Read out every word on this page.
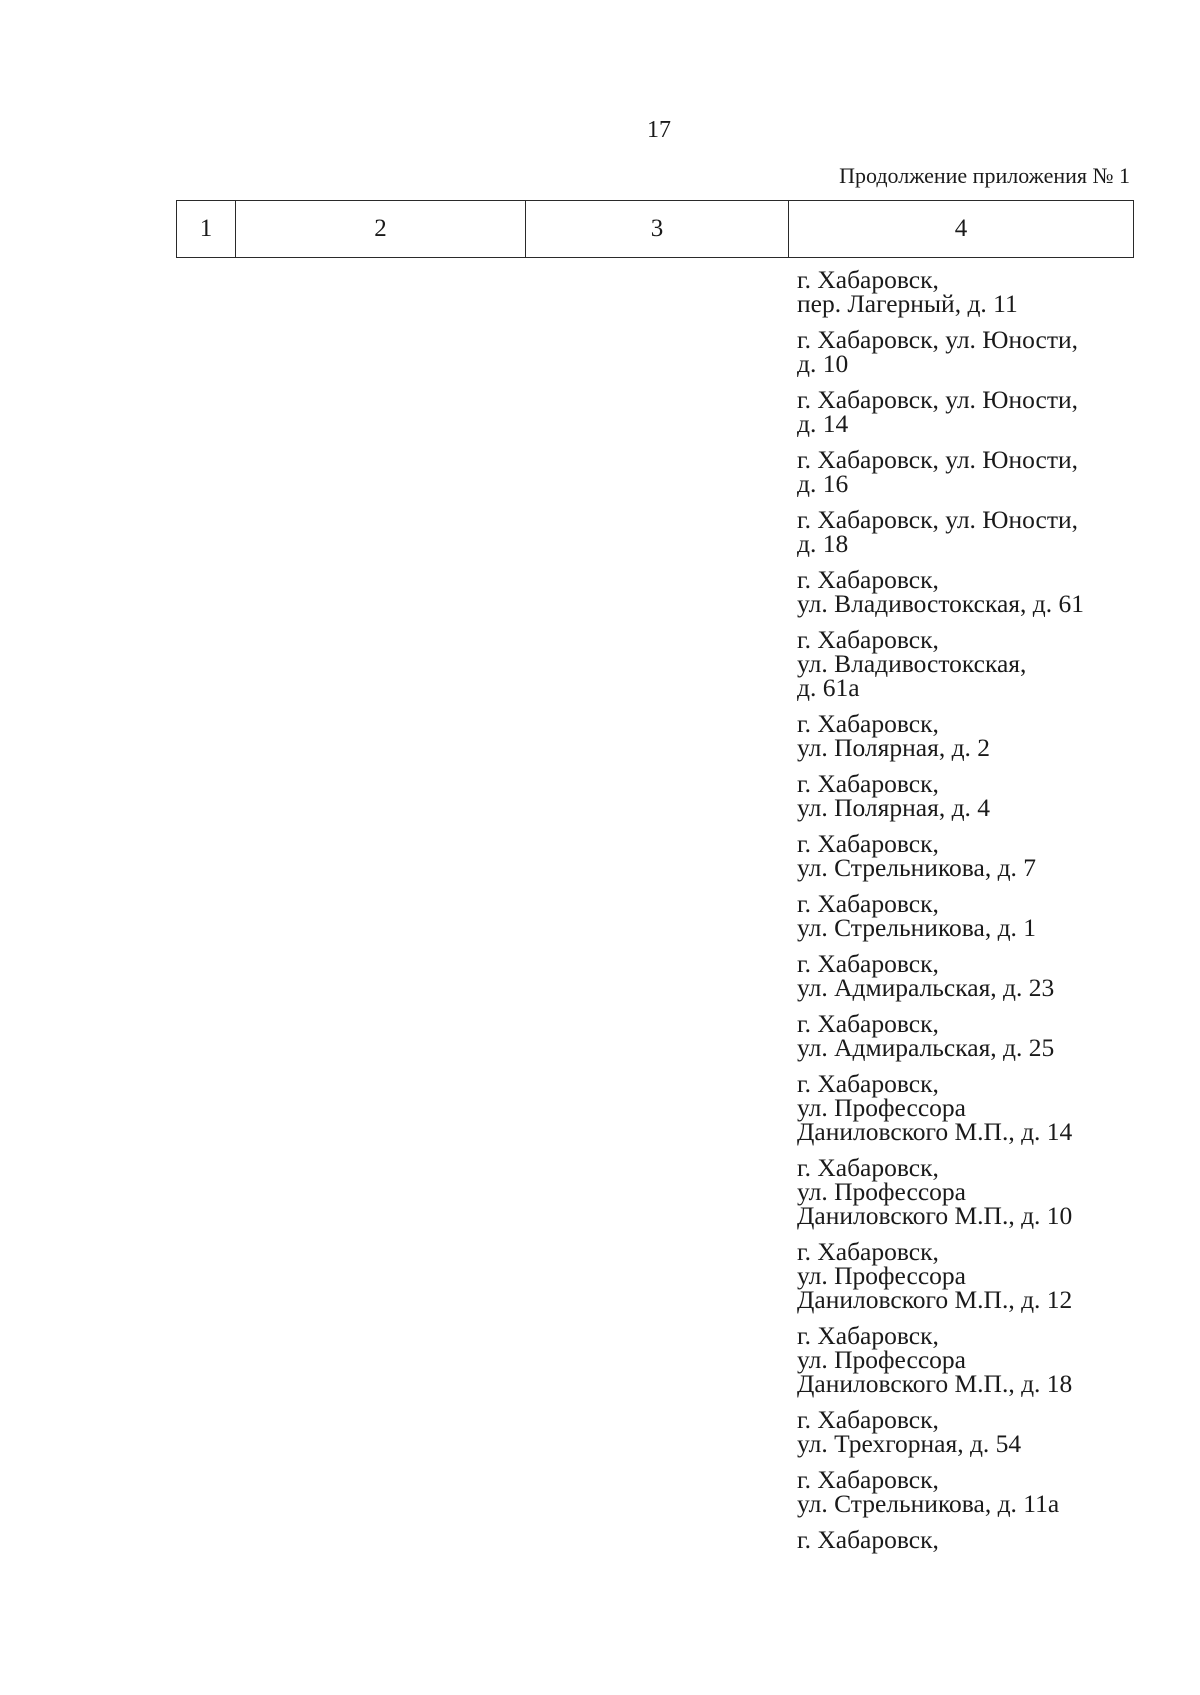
17
Продолжение приложения № 1
1	2	3	4
г. Хабаровск,
пер. Лагерный, д. 11
г. Хабаровск, ул. Юности,
д. 10
г. Хабаровск, ул. Юности,
д. 14
г. Хабаровск, ул. Юности,
д. 16
г. Хабаровск, ул. Юности,
д. 18
г. Хабаровск,
ул. Владивостокская, д. 61
г. Хабаровск,
ул. Владивостокская,
д. 61а
г. Хабаровск,
ул. Полярная, д. 2
г. Хабаровск,
ул. Полярная, д. 4
г. Хабаровск,
ул. Стрельникова, д. 7
г. Хабаровск,
ул. Стрельникова, д. 1
г. Хабаровск,
ул. Адмиральская, д. 23
г. Хабаровск,
ул. Адмиральская, д. 25
г. Хабаровск,
ул. Профессора
Даниловского М.П., д. 14
г. Хабаровск,
ул. Профессора
Даниловского М.П., д. 10
г. Хабаровск,
ул. Профессора
Даниловского М.П., д. 12
г. Хабаровск,
ул. Профессора
Даниловского М.П., д. 18
г. Хабаровск,
ул. Трехгорная, д. 54
г. Хабаровск,
ул. Стрельникова, д. 11а
г. Хабаровск,
